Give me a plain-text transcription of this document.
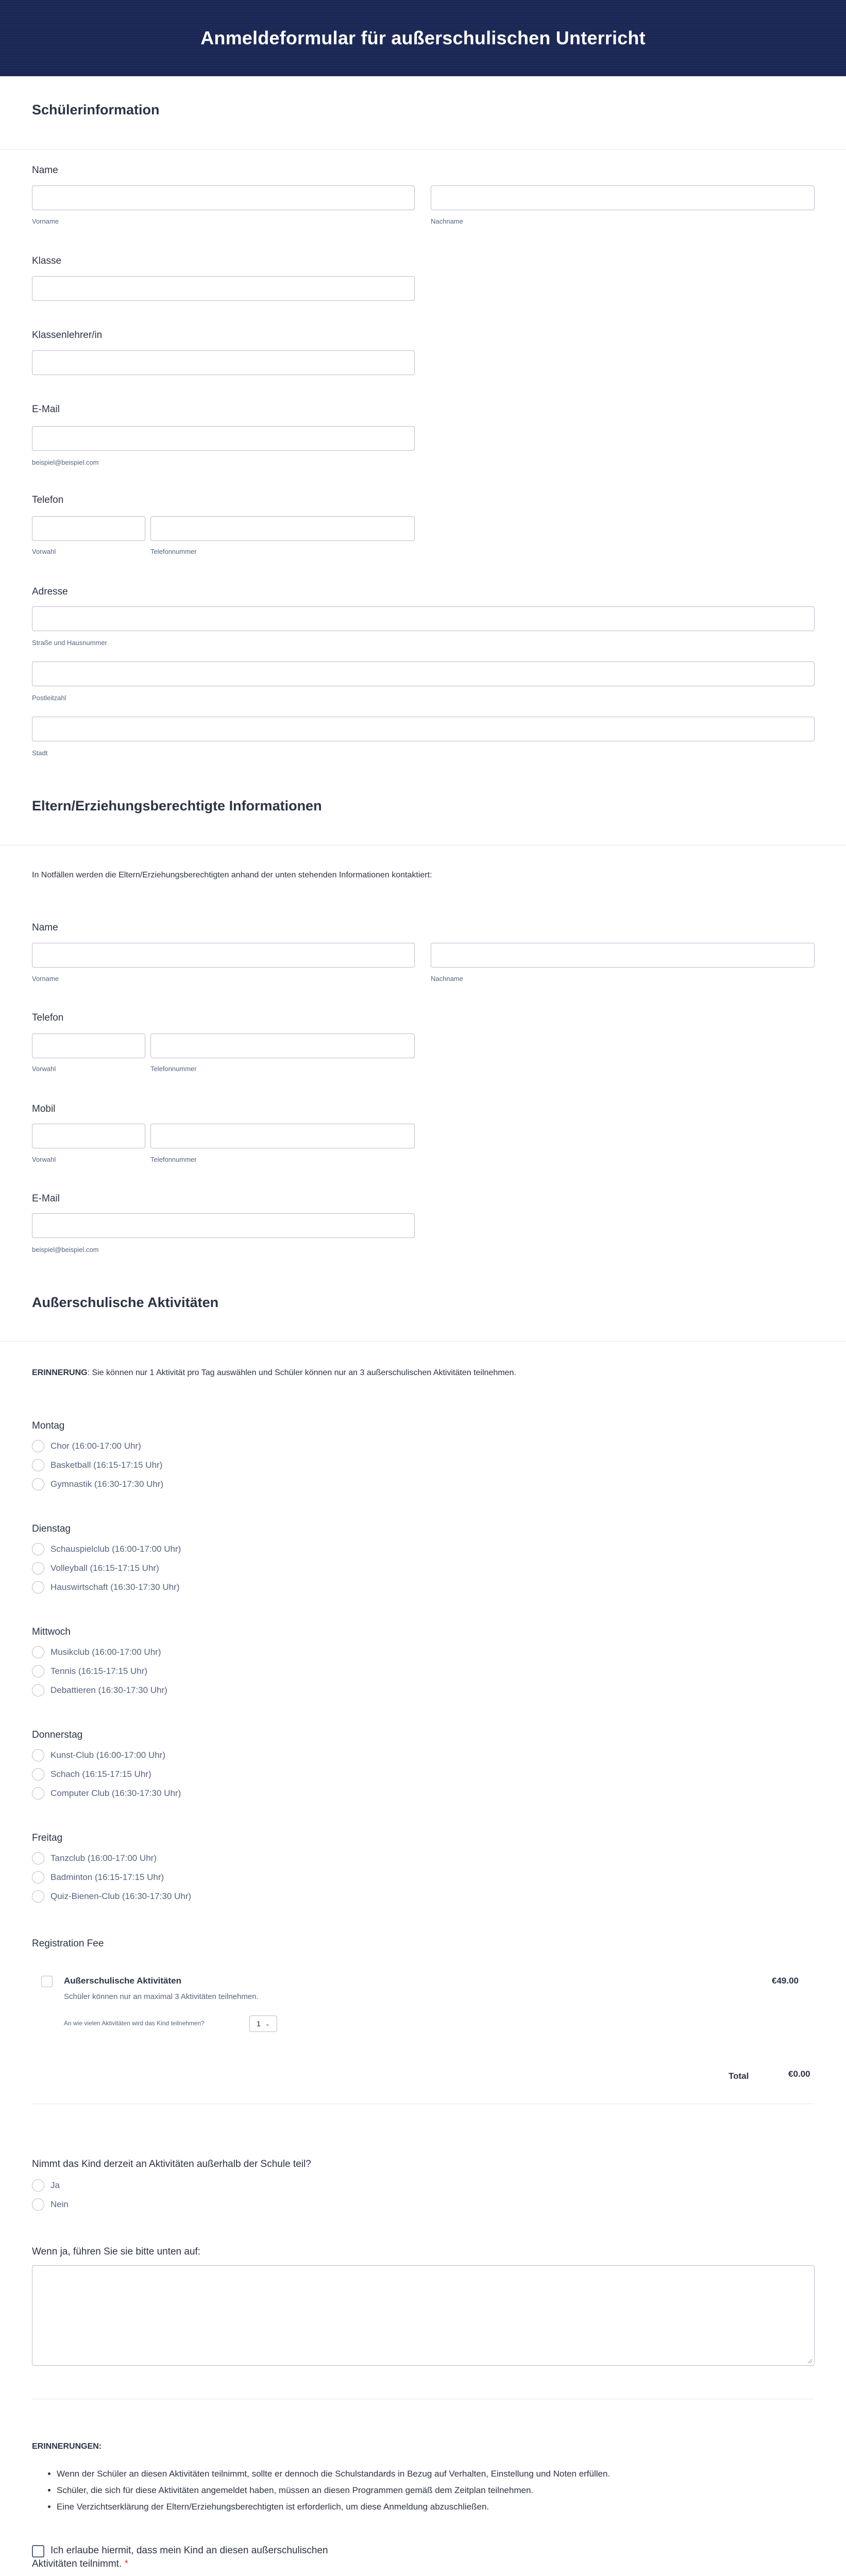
Anmeldeformular für außerschulischen Unterricht
Schülerinformation
Name
Vorname	Nachname
Klasse
Klassenlehrer/in
E-Mail
beispiel@beispiel.com
Telefon
Vorwahl	Telefonnummer
Adresse
Straße und Hausnummer
Postleitzahl
Stadt
Eltern/Erziehungsberechtigte Informationen
In Notfällen werden die Eltern/Erziehungsberechtigten anhand der unten stehenden Informationen kontaktiert:
Name
Vorname	Nachname
Telefon
Vorwahl	Telefonnummer
Mobil
Vorwahl	Telefonnummer
E-Mail
beispiel@beispiel.com
Außerschulische Aktivitäten
ERINNERUNG: Sie können nur 1 Aktivität pro Tag auswählen und Schüler können nur an 3 außerschulischen Aktivitäten teilnehmen.
Montag
Chor (16:00-17:00 Uhr)
Basketball (16:15-17:15 Uhr)
Gymnastik (16:30-17:30 Uhr)
Dienstag
Schauspielclub (16:00-17:00 Uhr)
Volleyball (16:15-17:15 Uhr)
Hauswirtschaft (16:30-17:30 Uhr)
Mittwoch
Musikclub (16:00-17:00 Uhr)
Tennis (16:15-17:15 Uhr)
Debattieren (16:30-17:30 Uhr)
Donnerstag
Kunst-Club (16:00-17:00 Uhr)
Schach (16:15-17:15 Uhr)
Computer Club (16:30-17:30 Uhr)
Freitag
Tanzclub (16:00-17:00 Uhr)
Badminton (16:15-17:15 Uhr)
Quiz-Bienen-Club (16:30-17:30 Uhr)
Registration Fee
Außerschulische Aktivitäten
Schüler können nur an maximal 3 Aktivitäten teilnehmen.
€49.00
An wie vielen Aktivitäten wird das Kind teilnehmen?	1 ⌄
Total	€0.00
Nimmt das Kind derzeit an Aktivitäten außerhalb der Schule teil?
Ja
Nein
Wenn ja, führen Sie sie bitte unten auf:
ERINNERUNGEN:
• Wenn der Schüler an diesen Aktivitäten teilnimmt, sollte er dennoch die Schulstandards in Bezug auf Verhalten, Einstellung und Noten erfüllen.
• Schüler, die sich für diese Aktivitäten angemeldet haben, müssen an diesen Programmen gemäß dem Zeitplan teilnehmen.
• Eine Verzichtserklärung der Eltern/Erziehungsberechtigten ist erforderlich, um diese Anmeldung abzuschließen.
Ich erlaube hiermit, dass mein Kind an diesen außerschulischen
Aktivitäten teilnimmt. *
